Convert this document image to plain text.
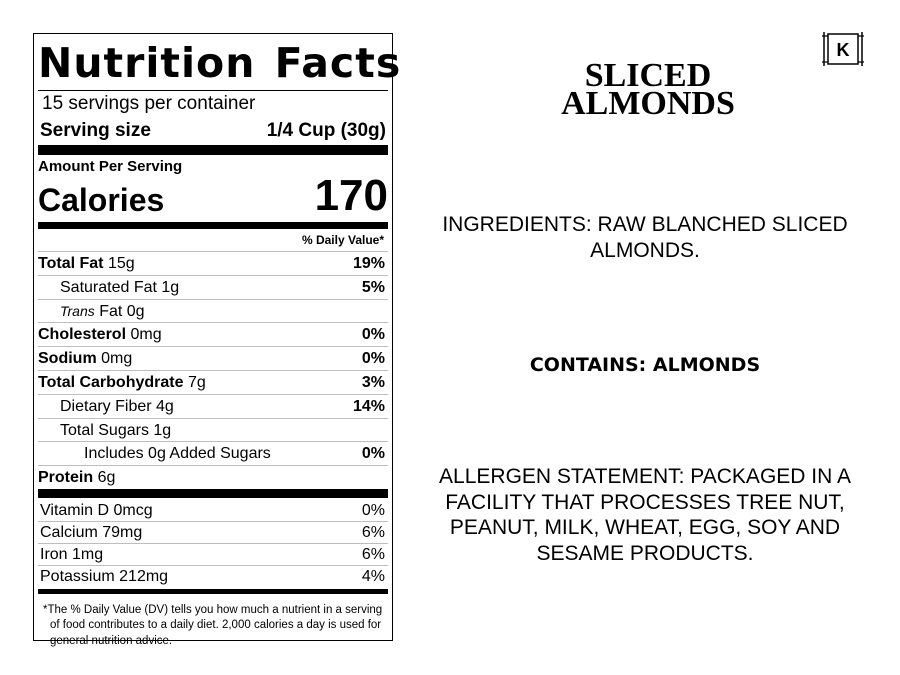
Nutrition Facts
15 servings per container
Serving size	1/4 Cup (30g)
Amount Per Serving
Calories	170
% Daily Value*
Total Fat 15g	19%
Saturated Fat 1g	5%
Trans Fat 0g
Cholesterol 0mg	0%
Sodium 0mg	0%
Total Carbohydrate 7g	3%
Dietary Fiber 4g	14%
Total Sugars 1g
Includes 0g Added Sugars	0%
Protein 6g
Vitamin D 0mcg	0%
Calcium 79mg	6%
Iron 1mg	6%
Potassium 212mg	4%
*The % Daily Value (DV) tells you how much a nutrient in a serving of food contributes to a daily diet. 2,000 calories a day is used for general nutrition advice.
SLICED
ALMONDS
K
INGREDIENTS: RAW BLANCHED SLICED ALMONDS.
CONTAINS: ALMONDS
ALLERGEN STATEMENT: PACKAGED IN A FACILITY THAT PROCESSES TREE NUT, PEANUT, MILK, WHEAT, EGG, SOY AND SESAME PRODUCTS.
